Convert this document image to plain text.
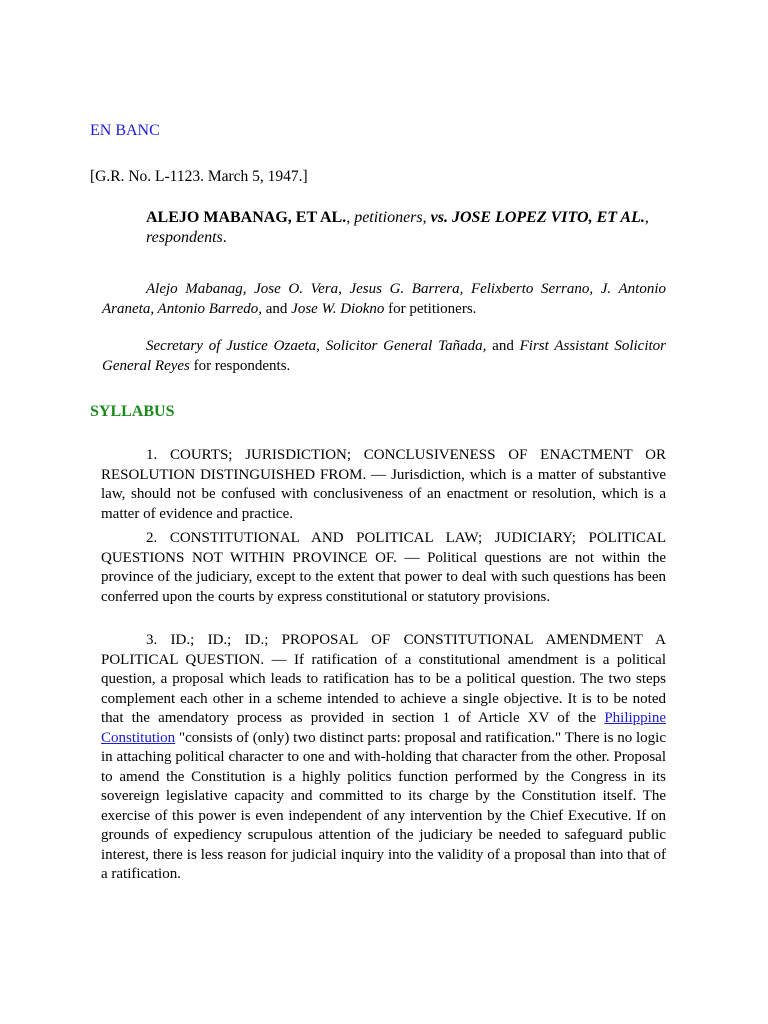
EN BANC

[G.R. No. L-1123. March 5, 1947.]

ALEJO MABANAG, ET AL., petitioners, vs. JOSE LOPEZ VITO, ET AL., respondents.

Alejo Mabanag, Jose O. Vera, Jesus G. Barrera, Felixberto Serrano, J. Antonio Araneta, Antonio Barredo, and Jose W. Diokno for petitioners.

Secretary of Justice Ozaeta, Solicitor General Tañada, and First Assistant Solicitor General Reyes for respondents.

SYLLABUS

1. COURTS; JURISDICTION; CONCLUSIVENESS OF ENACTMENT OR RESOLUTION DISTINGUISHED FROM. — Jurisdiction, which is a matter of substantive law, should not be confused with conclusiveness of an enactment or resolution, which is a matter of evidence and practice.

2. CONSTITUTIONAL AND POLITICAL LAW; JUDICIARY; POLITICAL QUESTIONS NOT WITHIN PROVINCE OF. — Political questions are not within the province of the judiciary, except to the extent that power to deal with such questions has been conferred upon the courts by express constitutional or statutory provisions.

3. ID.; ID.; ID.; PROPOSAL OF CONSTITUTIONAL AMENDMENT A POLITICAL QUESTION. — If ratification of a constitutional amendment is a political question, a proposal which leads to ratification has to be a political question. The two steps complement each other in a scheme intended to achieve a single objective. It is to be noted that the amendatory process as provided in section 1 of Article XV of the Philippine Constitution "consists of (only) two distinct parts: proposal and ratification." There is no logic in attaching political character to one and with-holding that character from the other. Proposal to amend the Constitution is a highly politics function performed by the Congress in its sovereign legislative capacity and committed to its charge by the Constitution itself. The exercise of this power is even independent of any intervention by the Chief Executive. If on grounds of expediency scrupulous attention of the judiciary be needed to safeguard public interest, there is less reason for judicial inquiry into the validity of a proposal than into that of a ratification.
